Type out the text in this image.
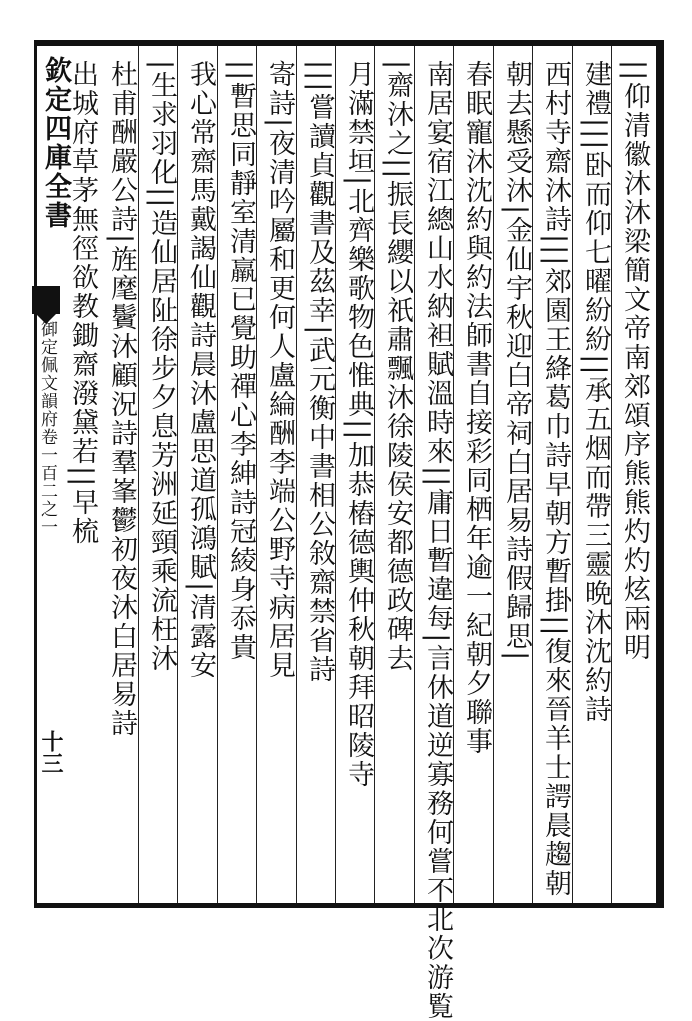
欽定四庫全書
御定佩文韻府卷一百二之一
十三
||仰清徽沐沐梁簡文帝南郊頌序熊熊灼灼炫兩明
建禮|||卧而仰七曜紛紛||承五烟而帶三靈晩沐沈約詩
西村寺齋沐詩|||郊園王絳葛巾詩早朝方暫掛||復來晉羊士諤晨趨朝
朝去懸受沐|金仙宇秋迎白帝祠白居易詩假歸思|
春眠寵沐沈約與約法師書自接彩同栖年逾一紀朝夕聯事
南居宴宿江總山水納袒賦溫時來||庸日暫違每|言休道逆寡務何嘗不北次游覧
|齋沐之||振長纓以祇肅飄沐徐陵侯安都德政碑去
月滿禁垣|北齊樂歌物色惟典||加恭樁德輿仲秋朝拜昭陵寺
|||嘗讀貞觀書及茲幸|武元衡中書相公敘齋禁省詩
寄詩|夜清吟屬和更何人盧綸酬李端公野寺病居見
||暫思同靜室清羸已覺助禪心李紳詩冠綾身忝貴
我心常齋馬戴謁仙觀詩晨沐盧思道孤鴻賦|清露安
|生求羽化||造仙居阯徐步夕息芳洲延頸乘流枉沐
杜甫酬嚴公詩|旌麾鬢沐顧況詩羣峯鬱初夜沐白居易詩
出城府草茅無徑欲教鋤齋潑黛若||早梳
